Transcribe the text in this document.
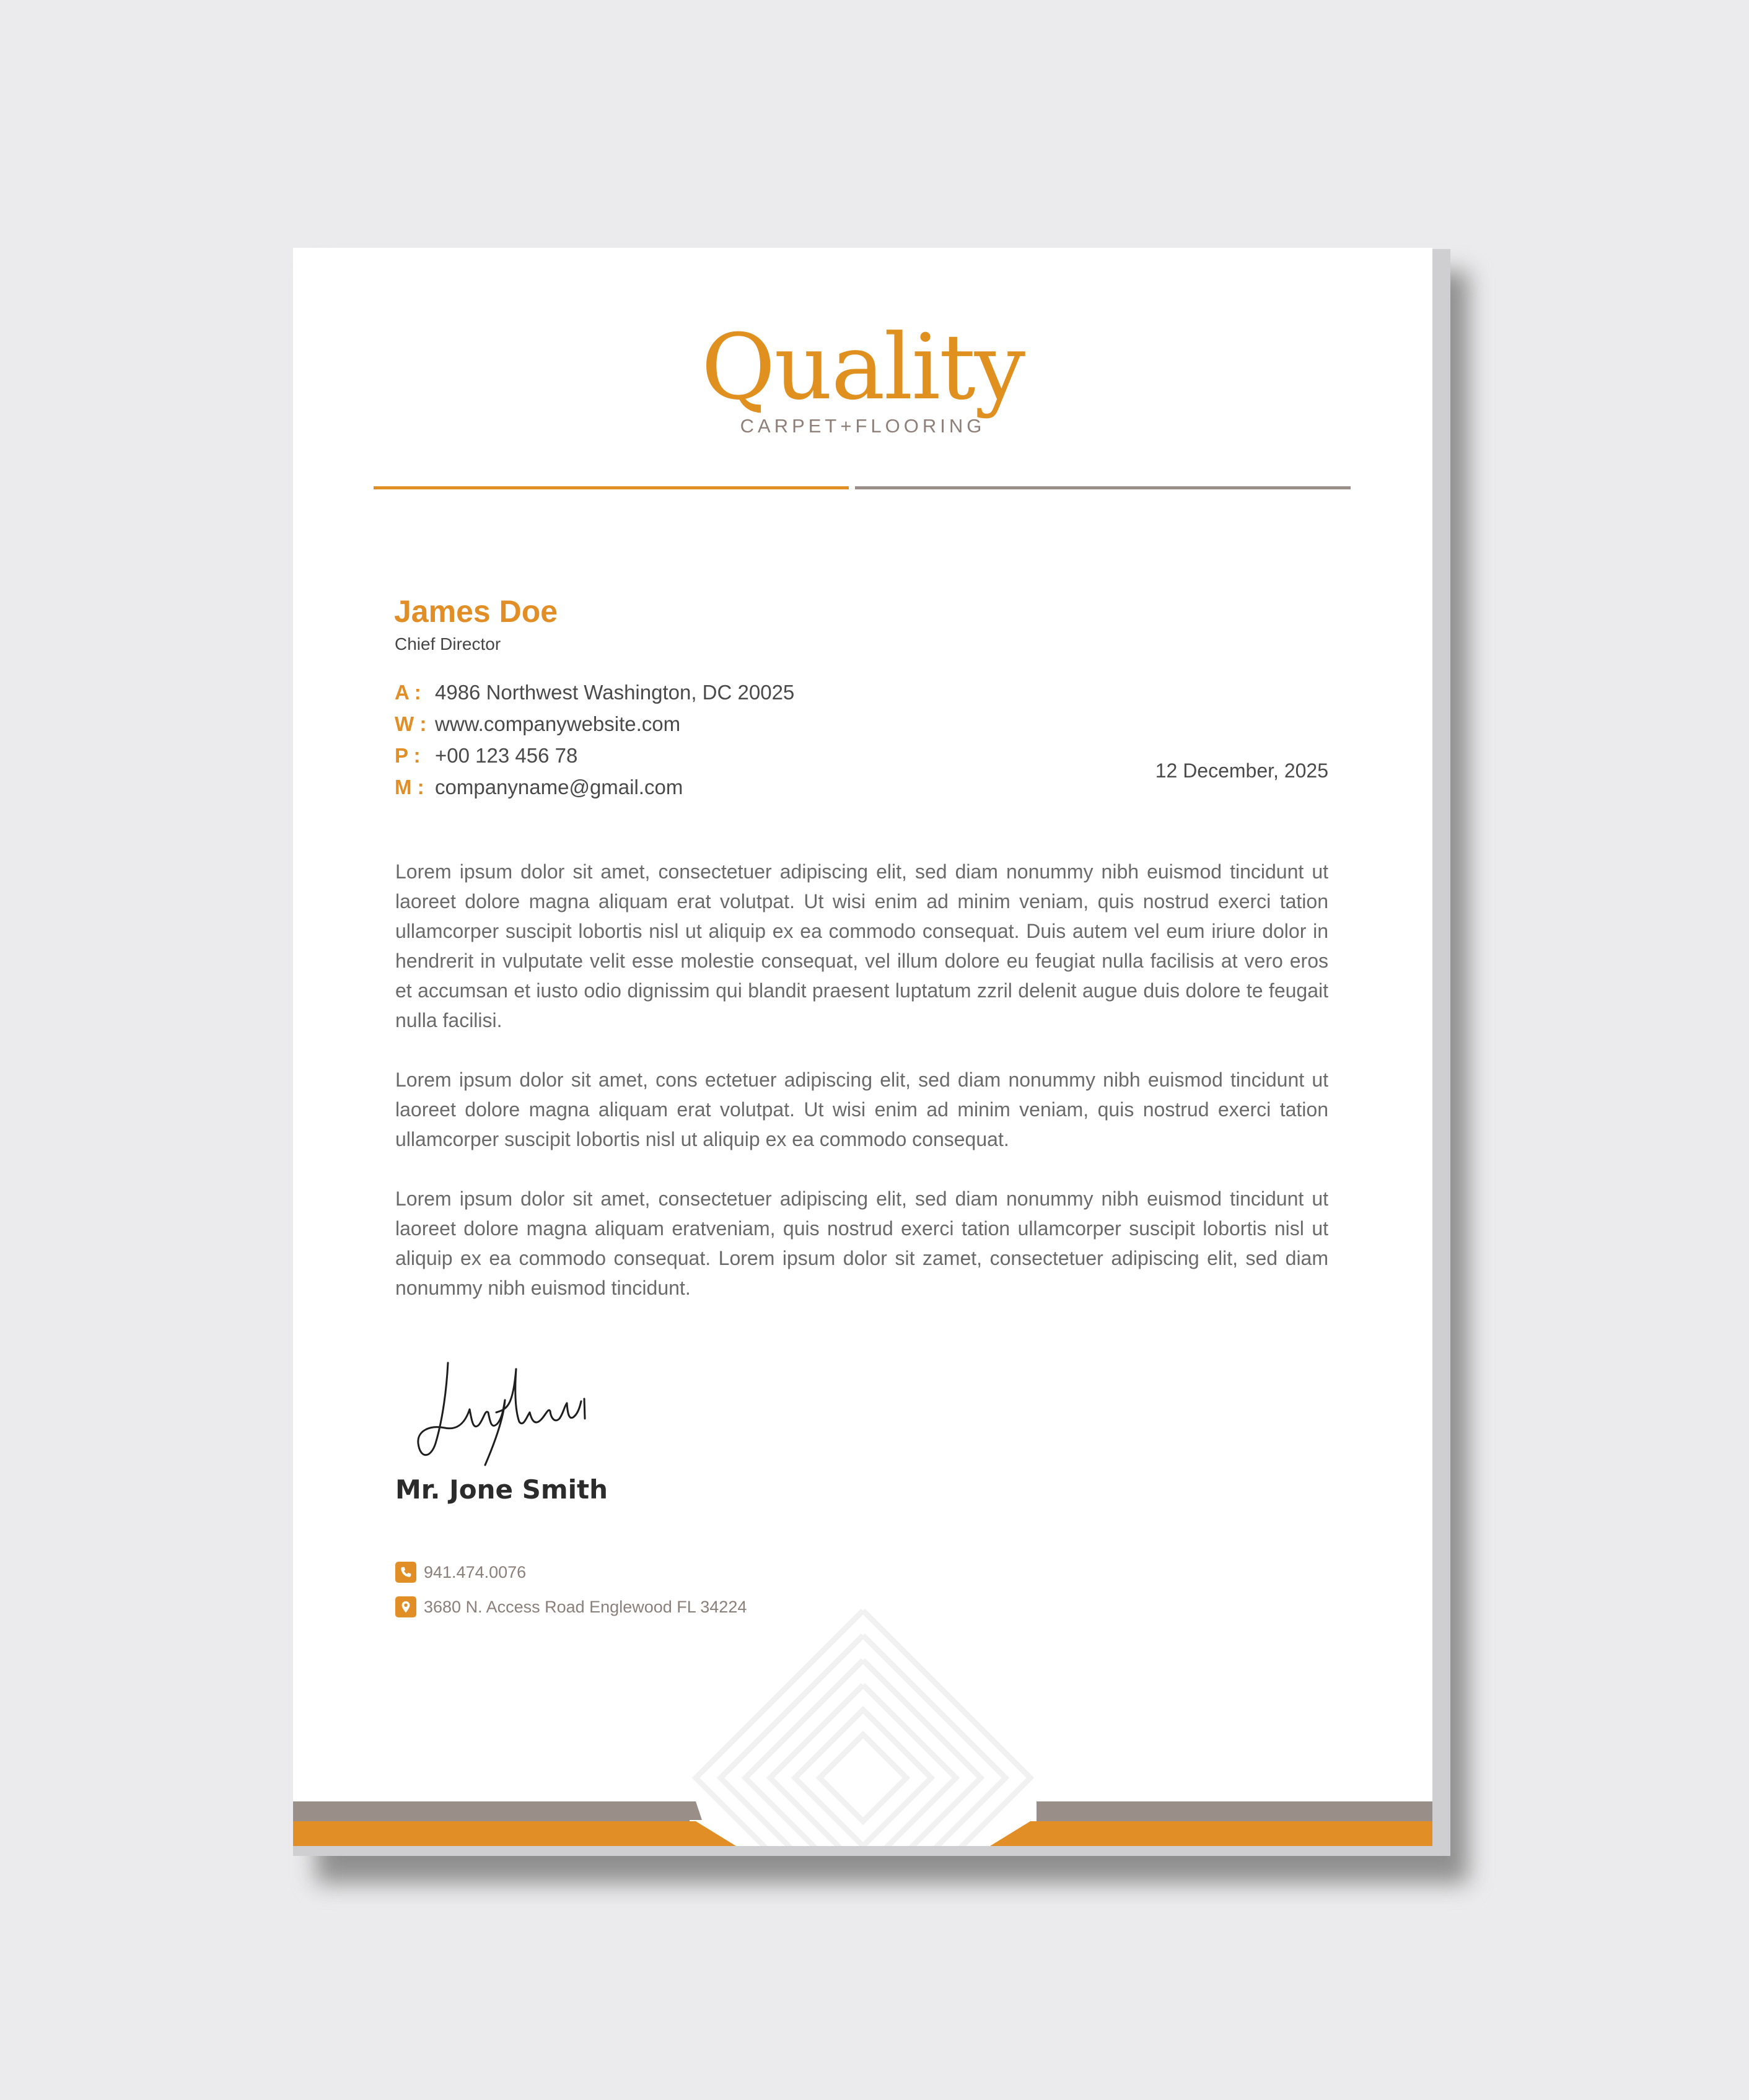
Quality
CARPET+FLOORING
James Doe
Chief Director
A : 4986 Northwest Washington, DC 20025
W : www.companywebsite.com
P : +00 123 456 78
M : companyname@gmail.com
12 December, 2025

Lorem ipsum dolor sit amet, consectetuer adipiscing elit, sed diam nonummy nibh euismod tincidunt ut laoreet dolore magna aliquam erat volutpat. Ut wisi enim ad minim veniam, quis nostrud exerci tation ullamcorper suscipit lobortis nisl ut aliquip ex ea commodo consequat. Duis autem vel eum iriure dolor in hendrerit in vulputate velit esse molestie consequat, vel illum dolore eu feugiat nulla facilisis at vero eros et accumsan et iusto odio dignissim qui blandit praesent luptatum zzril delenit augue duis dolore te feugait nulla facilisi.

Lorem ipsum dolor sit amet, cons ectetuer adipiscing elit, sed diam nonummy nibh euismod tincidunt ut laoreet dolore magna aliquam erat volutpat. Ut wisi enim ad minim veniam, quis nostrud exerci tation ullamcorper suscipit lobortis nisl ut aliquip ex ea commodo consequat.

Lorem ipsum dolor sit amet, consectetuer adipiscing elit, sed diam nonummy nibh euismod tincidunt ut laoreet dolore magna aliquam eratveniam, quis nostrud exerci tation ullamcorper suscipit lobortis nisl ut aliquip ex ea commodo consequat. Lorem ipsum dolor sit zamet, consectetuer adipiscing elit, sed diam nonummy nibh euismod tincidunt.

Mr. Jone Smith
941.474.0076
3680 N. Access Road Englewood FL 34224
